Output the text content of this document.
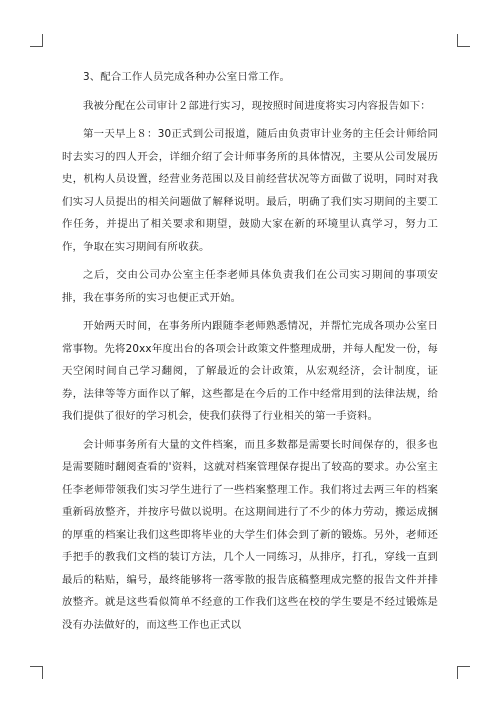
3、配合工作人员完成各种办公室日常工作。

我被分配在公司审计２部进行实习，现按照时间进度将实习内容报告如下：

第一天早上８：30正式到公司报道，随后由负责审计业务的主任会计师给同时去实习的四人开会，详细介绍了会计师事务所的具体情况，主要从公司发展历史，机构人员设置，经营业务范围以及目前经营状况等方面做了说明，同时对我们实习人员提出的相关问题做了解释说明。最后，明确了我们实习期间的主要工作任务，并提出了相关要求和期望，鼓励大家在新的环境里认真学习，努力工作，争取在实习期间有所收获。

之后，交由公司办公室主任李老师具体负责我们在公司实习期间的事项安排，我在事务所的实习也便正式开始。

开始两天时间，在事务所内跟随李老师熟悉情况，并帮忙完成各项办公室日常事物。先将20xx年度出台的各项会计政策文件整理成册，并每人配发一份，每天空闲时间自己学习翻阅，了解最近的会计政策，从宏观经济，会计制度，证券，法律等等方面作以了解，这些都是在今后的工作中经常用到的法律法规，给我们提供了很好的学习机会，使我们获得了行业相关的第一手资料。

会计师事务所有大量的文件档案，而且多数都是需要长时间保存的，很多也是需要随时翻阅查看的'资料，这就对档案管理保存提出了较高的要求。办公室主任李老师带领我们实习学生进行了一些档案整理工作。我们将过去两三年的档案重新码放整齐，并按序号做以说明。在这期间进行了不少的体力劳动，搬运成捆的厚重的档案让我们这些即将毕业的大学生们体会到了新的锻炼。另外，老师还手把手的教我们文档的装订方法，几个人一同练习，从排序，打孔，穿线一直到最后的粘贴，编号，最终能够将一落零散的报告底稿整理成完整的报告文件并排放整齐。就是这些看似简单不经意的工作我们这些在校的学生要是不经过锻炼是没有办法做好的，而这些工作也正式以
